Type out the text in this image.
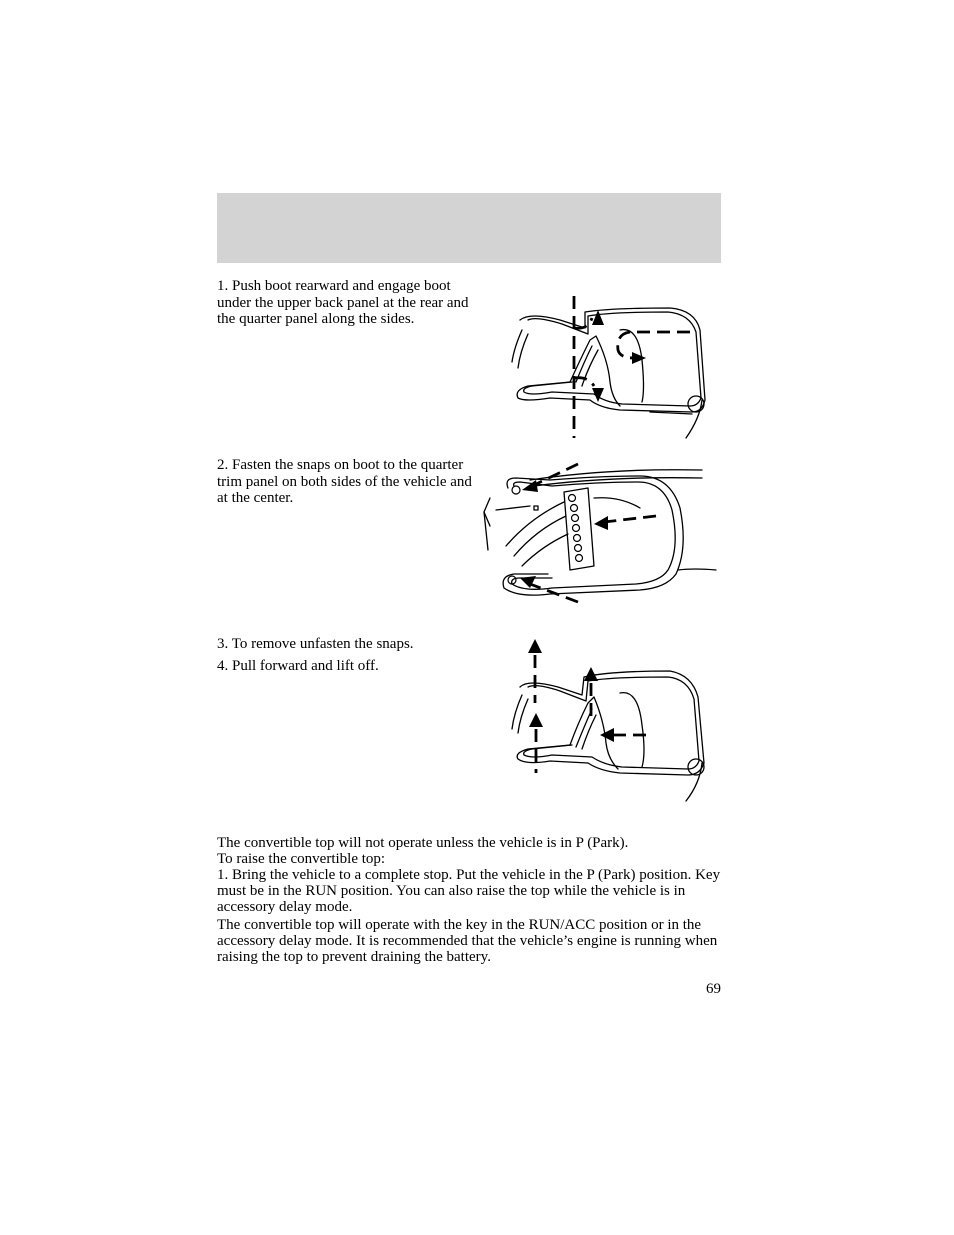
1. Push boot rearward and engage boot under the upper back panel at the rear and the quarter panel along the sides.
2. Fasten the snaps on boot to the quarter trim panel on both sides of the vehicle and at the center.
3. To remove unfasten the snaps.
4. Pull forward and lift off.

The convertible top will not operate unless the vehicle is in P (Park).

To raise the convertible top:

1. Bring the vehicle to a complete stop. Put the vehicle in the P (Park) position. Key must be in the RUN position. You can also raise the top while the vehicle is in accessory delay mode.

The convertible top will operate with the key in the RUN/ACC position or in the accessory delay mode. It is recommended that the vehicle’s engine is running when raising the top to prevent draining the battery.

69
